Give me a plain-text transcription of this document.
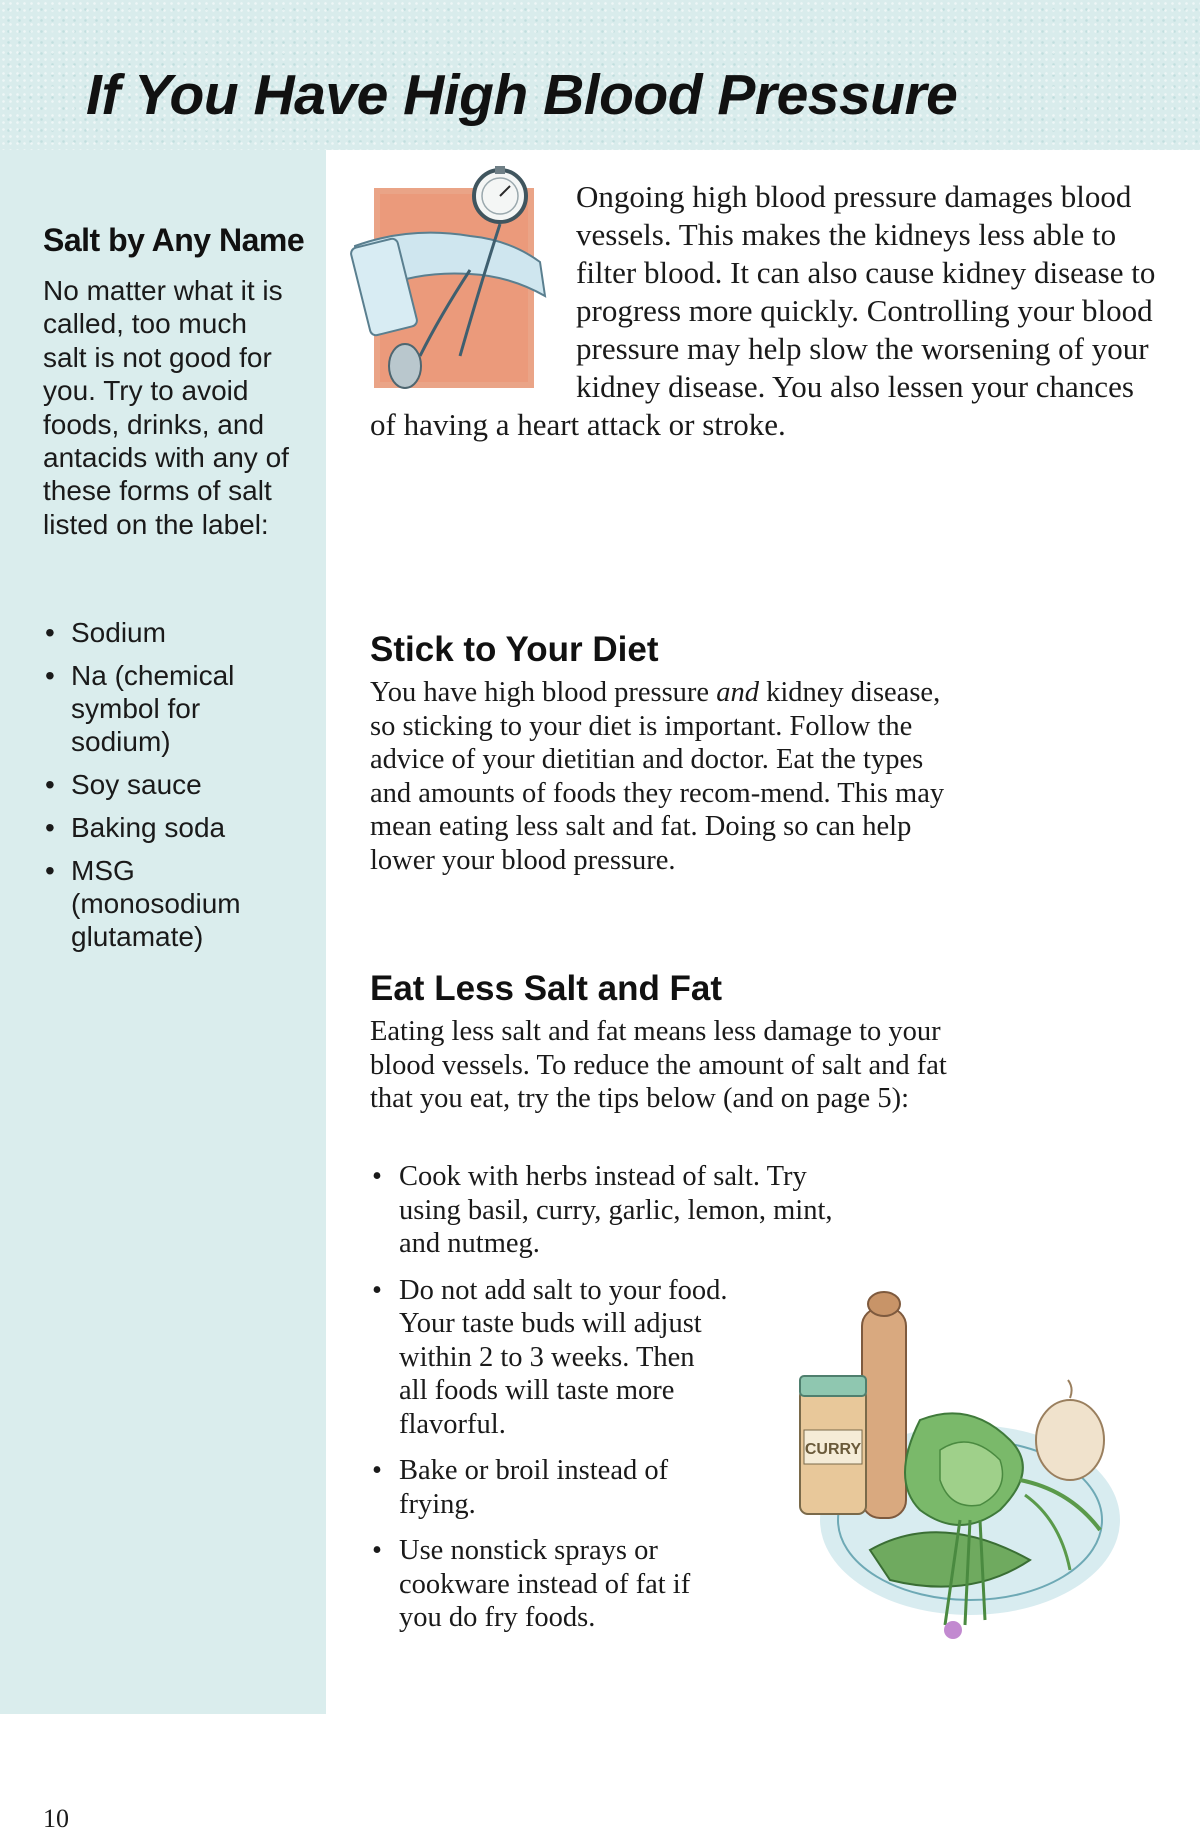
If You Have High Blood Pressure
Salt by Any Name

No matter what it is called, too much salt is not good for you. Try to avoid foods, drinks, and antacids with any of these forms of salt listed on the label:

• Sodium
• Na (chemical symbol for sodium)
• Soy sauce
• Baking soda
• MSG (monosodium glutamate)
10

Ongoing high blood pressure damages blood vessels. This makes the kidneys less able to filter blood. It can also cause kidney disease to progress more quickly. Controlling your blood pressure may help slow the worsening of your kidney disease. You also lessen your chances of having a heart attack or stroke.

Stick to Your Diet

You have high blood pressure and kidney disease, so sticking to your diet is important. Follow the advice of your dietitian and doctor. Eat the types and amounts of foods they recom-mend. This may mean eating less salt and fat. Doing so can help lower your blood pressure.

Eat Less Salt and Fat

Eating less salt and fat means less damage to your blood vessels. To reduce the amount of salt and fat that you eat, try the tips below (and on page 5):

• Cook with herbs instead of salt. Try using basil, curry, garlic, lemon, mint, and nutmeg.
• Do not add salt to your food. Your taste buds will adjust within 2 to 3 weeks. Then all foods will taste more flavorful.
• Bake or broil instead of frying.
• Use nonstick sprays or cookware instead of fat if you do fry foods.
CURRY
